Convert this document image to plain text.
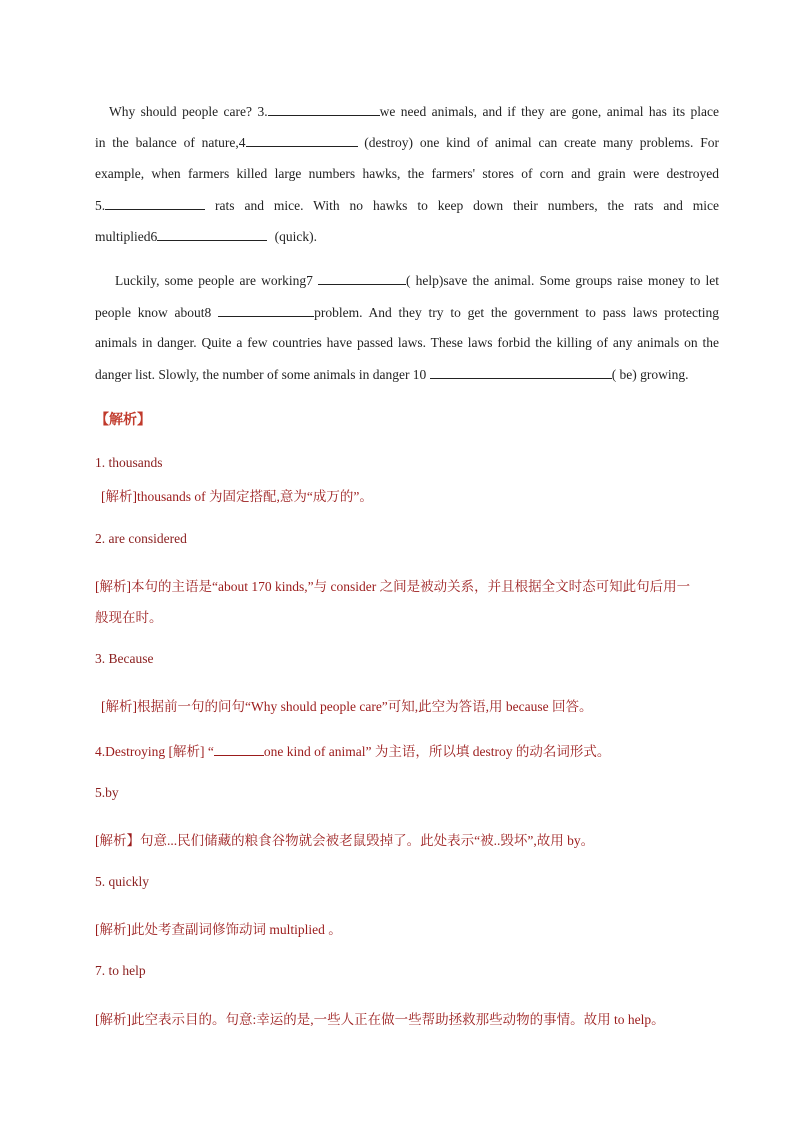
Why should people care? 3.	we need animals, and if they are gone, animal has its place
in the balance of nature,4	(destroy) one kind of animal can create many problems. For
example, when farmers killed large numbers hawks, the farmers' stores of corn and grain were destroyed
5.	rats and mice. With no hawks to keep down their numbers, the rats and mice
multiplied6	(quick).
Luckily, some people are working7	( help)save the animal. Some groups raise money to let
people know about8	problem. And they try to get the government to pass laws protecting
animals in danger. Quite a few countries have passed laws. These laws forbid the killing of any animals on the
danger list. Slowly, the number of some animals in danger 10	( be) growing.
【解析】
1. thousands
[解析]thousands of 为固定搭配,意为“成万的”。
2. are considered
[解析]本句的主语是“about 170 kinds,”与 consider 之间是被动关系，并且根据全文时态可知此句后用一
般现在时。
3. Because
[解析]根据前一句的问句“Why should people care”可知,此空为答语,用 because 回答。
4.Destroying [解析] “	one kind of animal” 为主语，所以填 destroy 的动名词形式。
5.by
[解析】句意...民们储藏的粮食谷物就会被老鼠毁掉了。此处表示“被..毁坏”,故用 by。
5. quickly
[解析]此处考查副词修饰动词 multiplied 。
7. to help
[解析]此空表示目的。句意:幸运的是,一些人正在做一些帮助拯救那些动物的事情。故用 to help。
